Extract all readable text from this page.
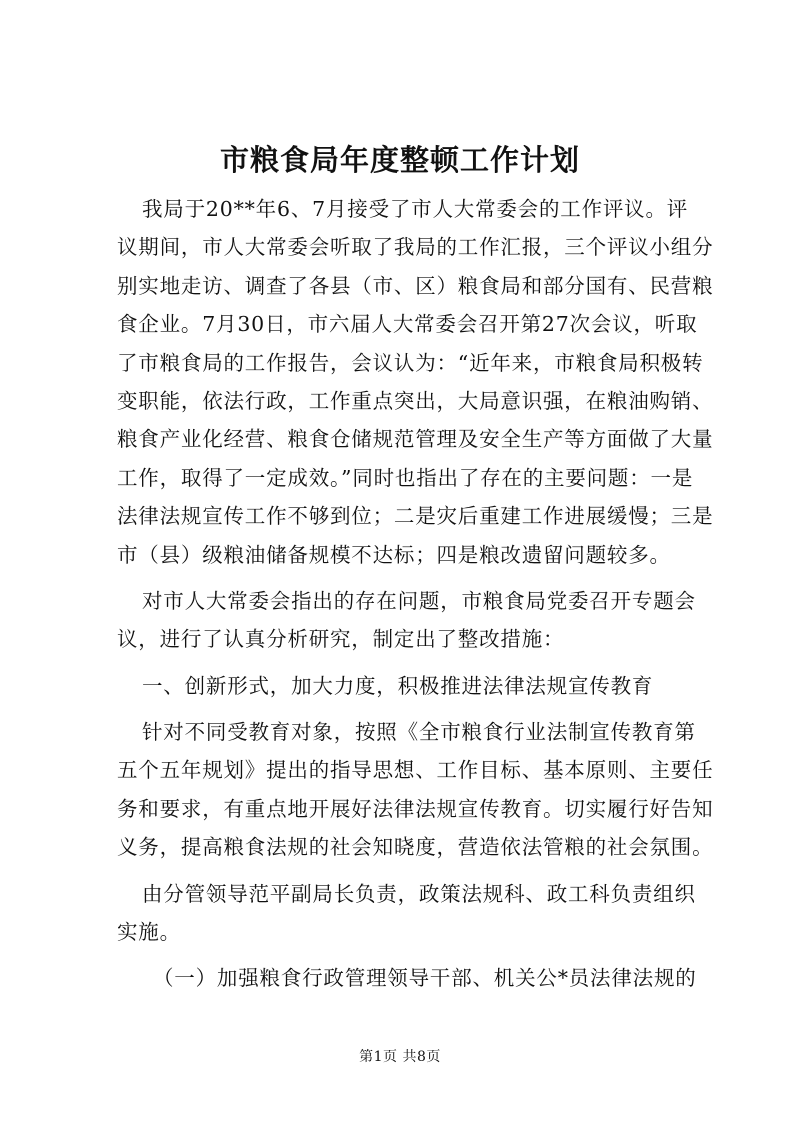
市粮食局年度整顿工作计划
我局于20**年6、7月接受了市人大常委会的工作评议。评
议期间，市人大常委会听取了我局的工作汇报，三个评议小组分
别实地走访、调查了各县（市、区）粮食局和部分国有、民营粮
食企业。7月30日，市六届人大常委会召开第27次会议，听取
了市粮食局的工作报告，会议认为：“近年来，市粮食局积极转
变职能，依法行政，工作重点突出，大局意识强，在粮油购销、
粮食产业化经营、粮食仓储规范管理及安全生产等方面做了大量
工作，取得了一定成效。”同时也指出了存在的主要问题：一是
法律法规宣传工作不够到位；二是灾后重建工作进展缓慢；三是
市（县）级粮油储备规模不达标；四是粮改遗留问题较多。
对市人大常委会指出的存在问题，市粮食局党委召开专题会
议，进行了认真分析研究，制定出了整改措施：
一、创新形式，加大力度，积极推进法律法规宣传教育
针对不同受教育对象，按照《全市粮食行业法制宣传教育第
五个五年规划》提出的指导思想、工作目标、基本原则、主要任
务和要求，有重点地开展好法律法规宣传教育。切实履行好告知
义务，提高粮食法规的社会知晓度，营造依法管粮的社会氛围。
由分管领导范平副局长负责，政策法规科、政工科负责组织
实施。
（一）加强粮食行政管理领导干部、机关公*员法律法规的
第1页 共8页
